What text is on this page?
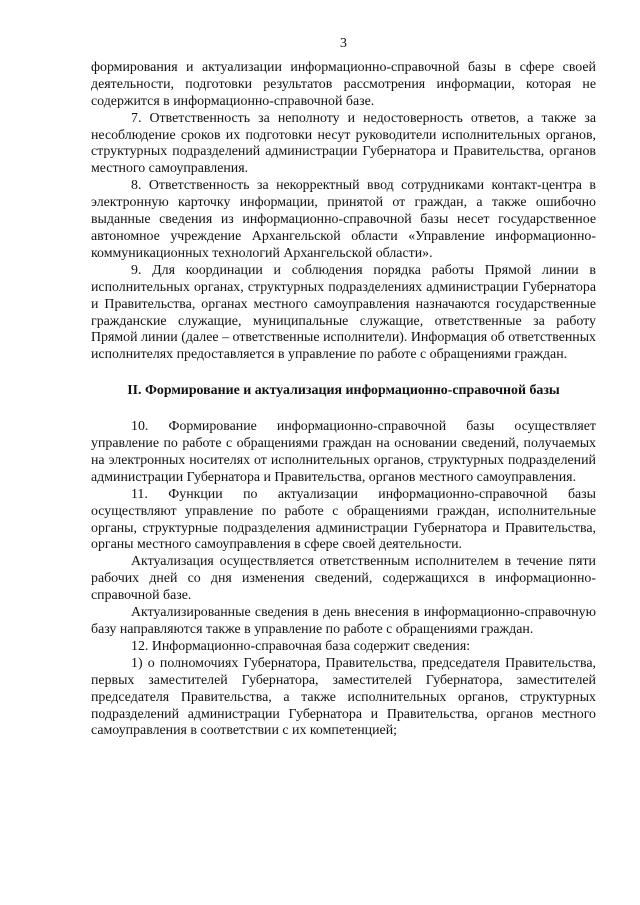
3

формирования и актуализации информационно-справочной базы в сфере своей деятельности, подготовки результатов рассмотрения информации, которая не содержится в информационно-справочной базе.

7. Ответственность за неполноту и недостоверность ответов, а также за несоблюдение сроков их подготовки несут руководители исполнительных органов, структурных подразделений администрации Губернатора и Правительства, органов местного самоуправления.

8. Ответственность за некорректный ввод сотрудниками контакт-центра в электронную карточку информации, принятой от граждан, а также ошибочно выданные сведения из информационно-справочной базы несет государственное автономное учреждение Архангельской области «Управление информационно-коммуникационных технологий Архангельской области».

9. Для координации и соблюдения порядка работы Прямой линии в исполнительных органах, структурных подразделениях администрации Губернатора и Правительства, органах местного самоуправления назначаются государственные гражданские служащие, муниципальные служащие, ответственные за работу Прямой линии (далее – ответственные исполнители). Информация об ответственных исполнителях предоставляется в управление по работе с обращениями граждан.

II. Формирование и актуализация информационно-справочной базы

10. Формирование информационно-справочной базы осуществляет управление по работе с обращениями граждан на основании сведений, получаемых на электронных носителях от исполнительных органов, структурных подразделений администрации Губернатора и Правительства, органов местного самоуправления.

11. Функции по актуализации информационно-справочной базы осуществляют управление по работе с обращениями граждан, исполнительные органы, структурные подразделения администрации Губернатора и Правительства, органы местного самоуправления в сфере своей деятельности.

Актуализация осуществляется ответственным исполнителем в течение пяти рабочих дней со дня изменения сведений, содержащихся в информационно-справочной базе.

Актуализированные сведения в день внесения в информационно-справочную базу направляются также в управление по работе с обращениями граждан.

12. Информационно-справочная база содержит сведения:

1) о полномочиях Губернатора, Правительства, председателя Правительства, первых заместителей Губернатора, заместителей Губернатора, заместителей председателя Правительства, а также исполнительных органов, структурных подразделений администрации Губернатора и Правительства, органов местного самоуправления в соответствии с их компетенцией;
